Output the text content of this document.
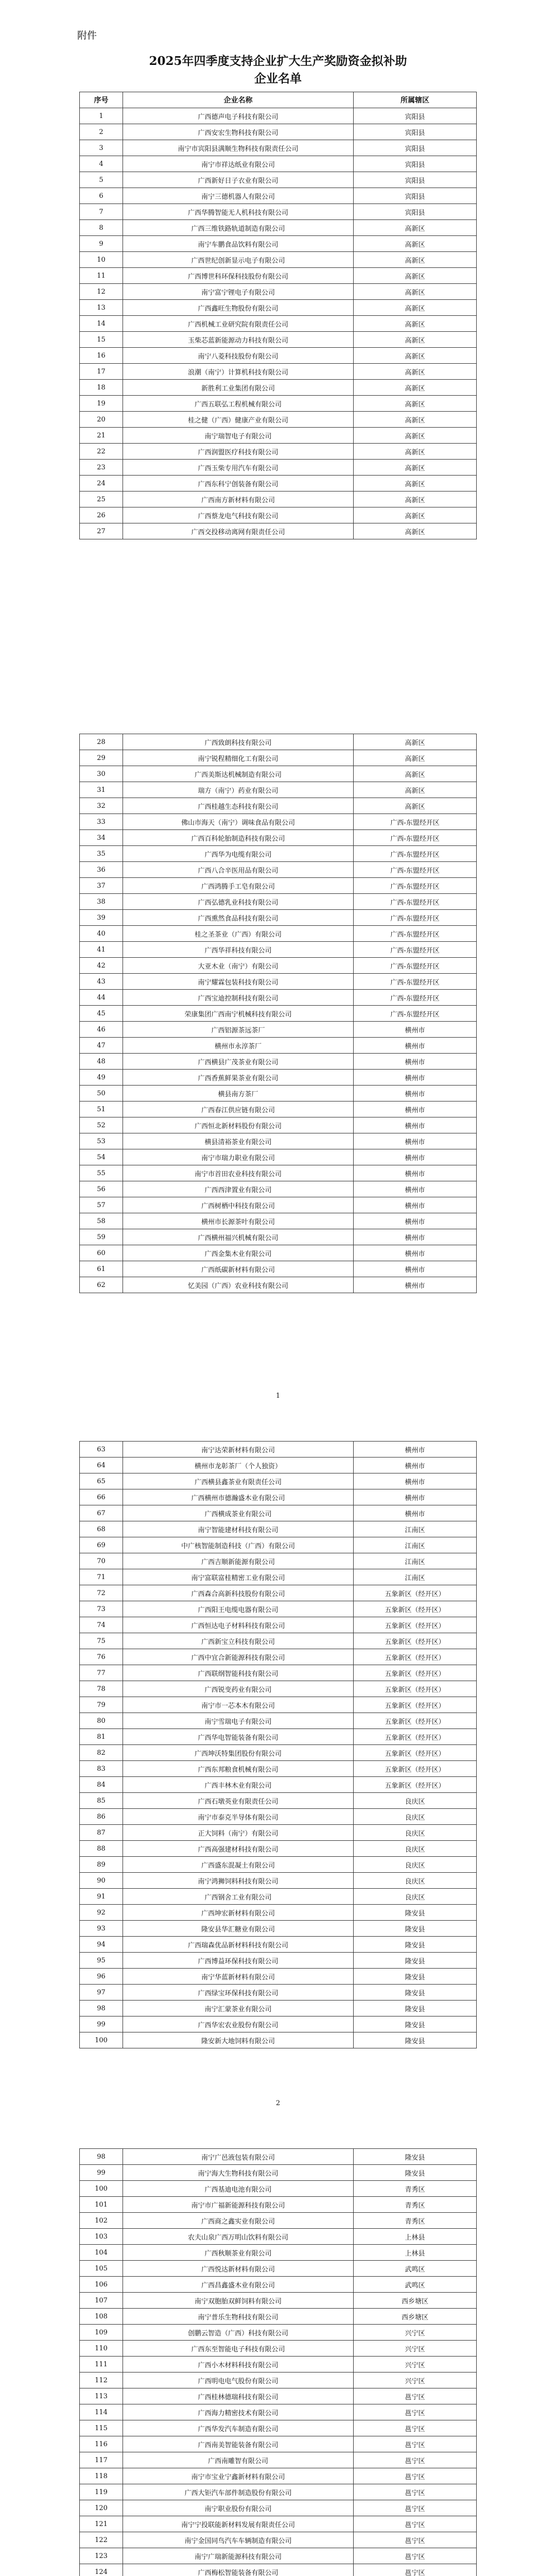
附件
2025年四季度支持企业扩大生产奖励资金拟补助
企业名单
序号	企业名称	所属辖区
1	广西德声电子科技有限公司	宾阳县
2	广西安宏生物科技有限公司	宾阳县
3	南宁市宾阳县满顺生物科技有限责任公司	宾阳县
4	南宁市祥达纸业有限公司	宾阳县
5	广西新好日子衣业有限公司	宾阳县
6	南宁三德机器人有限公司	宾阳县
7	广西华腾智能无人机科技有限公司	宾阳县
8	广西三维铁路轨道制造有限公司	高新区
9	南宁车鹏食品饮料有限公司	高新区
10	广西世纪创新显示电子有限公司	高新区
11	广西博世科环保科技股份有限公司	高新区
12	南宁富宁锂电子有限公司	高新区
13	广西鑫旺生物股份有限公司	高新区
14	广西机械工业研究院有限责任公司	高新区
15	玉柴芯蓝新能源动力科技有限公司	高新区
16	南宁八菱科技股份有限公司	高新区
17	浪潮（南宁）计算机科技有限公司	高新区
18	新胜利工业集团有限公司	高新区
19	广西五联弘工程机械有限公司	高新区
20	桂之健（广西）健康产业有限公司	高新区
21	南宁瑞智电子有限公司	高新区
22	广西润盟医疗科技有限公司	高新区
23	广西玉柴专用汽车有限公司	高新区
24	广西东科宁创装备有限公司	高新区
25	广西南方新材料有限公司	高新区
26	广西蔡龙电气科技有限公司	高新区
27	广西交投移动离网有限责任公司	高新区
28	广西致朗科技有限公司	高新区
29	南宁锐程精细化工有限公司	高新区
30	广西美斯达机械制造有限公司	高新区
31	瑞方（南宁）药业有限公司	高新区
32	广西桂越生态科技有限公司	高新区
33	佛山市海天（南宁）调味食品有限公司	广西-东盟经开区
34	广西百科轮胎制造科技有限公司	广西-东盟经开区
35	广西华为电缆有限公司	广西-东盟经开区
36	广西八合辛医用品有限公司	广西-东盟经开区
37	广西鸿腾手工皂有限公司	广西-东盟经开区
38	广西弘德乳业科技有限公司	广西-东盟经开区
39	广西熏然食品科技有限公司	广西-东盟经开区
40	桂之圣茶业（广西）有限公司	广西-东盟经开区
41	广西华祥科技有限公司	广西-东盟经开区
42	大亚木业（南宁）有限公司	广西-东盟经开区
43	南宁耀霖包装科技有限公司	广西-东盟经开区
44	广西宝迪控制科技有限公司	广西-东盟经开区
45	荣康集团广西南宁机械科技有限公司	广西-东盟经开区
46	广西铝源茶远茶厂	横州市
47	横州市永淳茶厂	横州市
48	广西横县广茂茶业有限公司	横州市
49	广西香蕉鲜果茶业有限公司	横州市
50	横县南方茶厂	横州市
51	广西春江供应链有限公司	横州市
52	广西恒北新材料股份有限公司	横州市
53	横县清裕茶业有限公司	横州市
54	南宁市瑞力职业有限公司	横州市
55	南宁市首田农业科技有限公司	横州市
56	广西西津置业有限公司	横州市
57	广西树栖中科技有限公司	横州市
58	横州市长源茶叶有限公司	横州市
59	广西横州福兴机械有限公司	横州市
60	广西金集木业有限公司	横州市
61	广西纸碳新材料有限公司	横州市
62	忆美园（广西）农业科技有限公司	横州市
1
63	南宁达荣新材料有限公司	横州市
64	横州市龙彰茶厂（个人独资）	横州市
65	广西横县鑫茶业有限责任公司	横州市
66	广西横州市德瀚盛木业有限公司	横州市
67	广西横成茶业有限公司	横州市
68	南宁智能建材科技有限公司	江南区
69	中广核智能制造科技（广西）有限公司	江南区
70	广西吉顺新能源有限公司	江南区
71	南宁富联富桂精密工业有限公司	江南区
72	广西森合高新科技股份有限公司	五象新区（经开区）
73	广西阳王电缆电器有限公司	五象新区（经开区）
74	广西恒达电子材料科技有限公司	五象新区（经开区）
75	广西新宝立科技有限公司	五象新区（经开区）
76	广西中宜合新能源科技有限公司	五象新区（经开区）
77	广西联纲智能科技有限公司	五象新区（经开区）
78	广西锐变药业有限公司	五象新区（经开区）
79	南宁市一芯本木有限公司	五象新区（经开区）
80	南宁雪瑞电子有限公司	五象新区（经开区）
81	广西华电智能装备有限公司	五象新区（经开区）
82	广西坤沃特集团股份有限公司	五象新区（经开区）
83	广西东邦粮食机械有限公司	五象新区（经开区）
84	广西丰林木业有限公司	五象新区（经开区）
85	广西石墩英业有限责任公司	良庆区
86	南宁市泰克半导体有限公司	良庆区
87	正大饲料（南宁）有限公司	良庆区
88	广西高强建材科技有限公司	良庆区
89	广西盛东混凝土有限公司	良庆区
90	南宁鸿狮饲料科技有限公司	良庆区
91	广西钢舍工业有限公司	良庆区
92	广西坤宏新材料有限公司	隆安县
93	隆安县华汇糖业有限公司	隆安县
94	广西瑞森优品新材料科技有限公司	隆安县
95	广西博益环保科技有限公司	隆安县
96	南宁华蓝新材料有限公司	隆安县
97	广西绿宝环保科技有限公司	隆安县
98	南宁汇蒙茶业有限公司	隆安县
99	广西华宏农业股份有限公司	隆安县
100	隆安新大地饲料有限公司	隆安县
2
98	南宁广邑液包装有限公司	隆安县
99	南宁海大生物科技有限公司	隆安县
100	广西基迪电池有限公司	青秀区
101	南宁市广福新能源科技有限公司	青秀区
102	广西商之鑫实业有限公司	青秀区
103	农夫山泉广西万明山饮料有限公司	上林县
104	广西秋顺茶业有限公司	上林县
105	广西悦达新材料有限公司	武鸣区
106	广西昌鑫盛木业有限公司	武鸣区
107	南宁双胞胎双鲜饲料有限公司	西乡塘区
108	南宁普乐生物科技有限公司	西乡塘区
109	创鹏云智造（广西）科技有限公司	兴宁区
110	广西东至智能电子科技有限公司	兴宁区
111	广西小木材料科技有限公司	兴宁区
112	广西明电电气股份有限公司	兴宁区
113	广西桂林德瑞科技有限公司	邕宁区
114	广西海力精密技术有限公司	邕宁区
115	广西华发汽车制造有限公司	邕宁区
116	广西南美智能装备有限公司	邕宁区
117	广西南雕智有限公司	邕宁区
118	南宁市宝业宁鑫新材料有限公司	邕宁区
119	广西大钜汽车部件制造股份有限公司	邕宁区
120	南宁职业股份有限公司	邕宁区
121	南宁宁投联能新材料发展有限责任公司	邕宁区
122	南宁金国同鸟汽车车辆制造有限公司	邕宁区
123	南宁广瑞新能源科技有限公司	邕宁区
124	广西梅松智能装备有限公司	邕宁区
